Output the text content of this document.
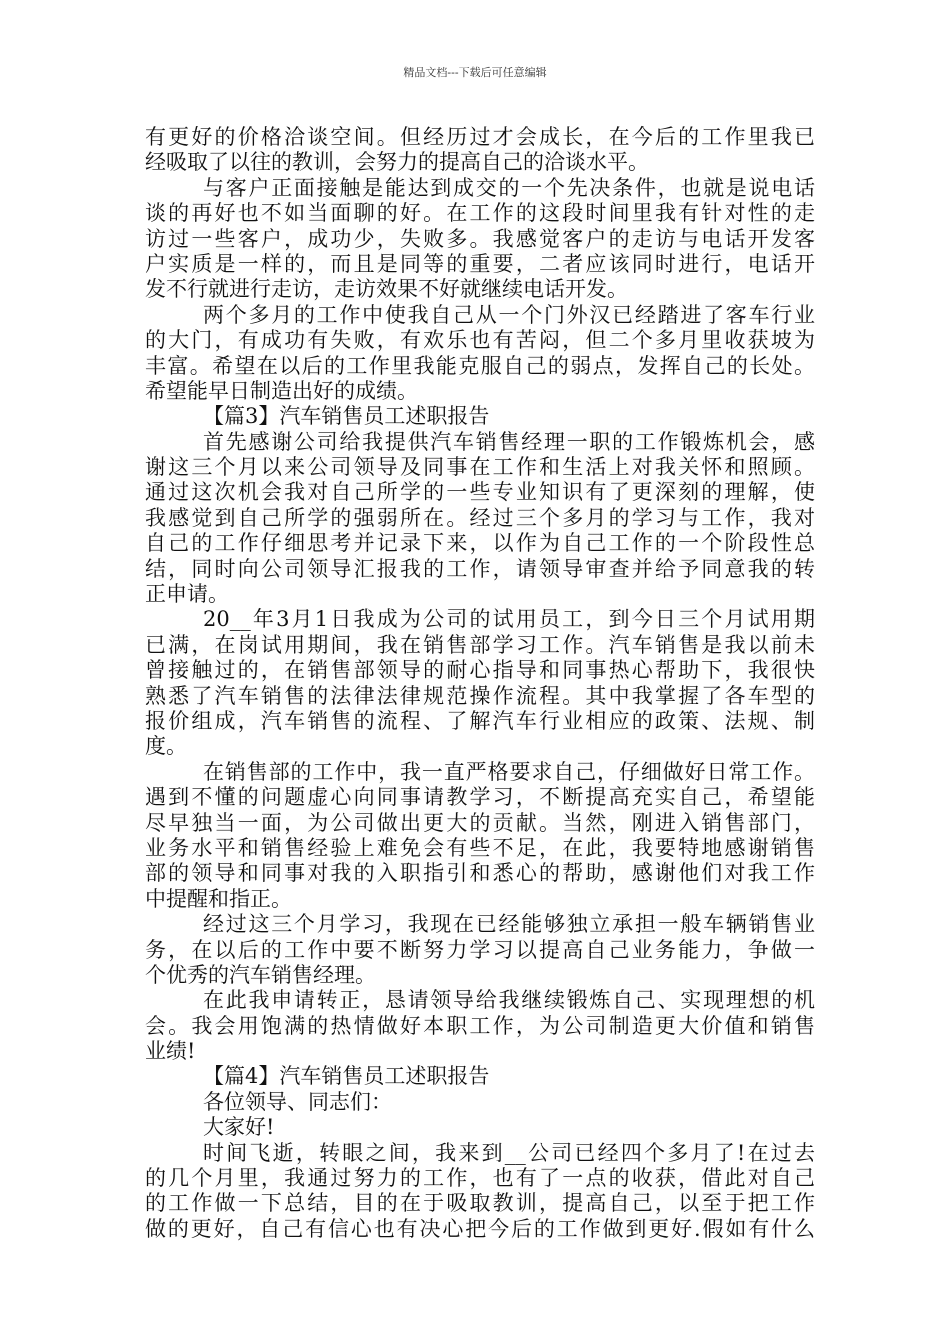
精品文档---下载后可任意编辑
有更好的价格洽谈空间。但经历过才会成长，在今后的工作里我已
经吸取了以往的教训，会努力的提高自己的洽谈水平。
与客户正面接触是能达到成交的一个先决条件，也就是说电话
谈的再好也不如当面聊的好。在工作的这段时间里我有针对性的走
访过一些客户，成功少，失败多。我感觉客户的走访与电话开发客
户实质是一样的，而且是同等的重要，二者应该同时进行，电话开
发不行就进行走访，走访效果不好就继续电话开发。
两个多月的工作中使我自己从一个门外汉已经踏进了客车行业
的大门，有成功有失败，有欢乐也有苦闷，但二个多月里收获坡为
丰富。希望在以后的工作里我能克服自己的弱点，发挥自己的长处。
希望能早日制造出好的成绩。
【篇3】汽车销售员工述职报告
首先感谢公司给我提供汽车销售经理一职的工作锻炼机会，感
谢这三个月以来公司领导及同事在工作和生活上对我关怀和照顾。
通过这次机会我对自己所学的一些专业知识有了更深刻的理解，使
我感觉到自己所学的强弱所在。经过三个多月的学习与工作，我对
自己的工作仔细思考并记录下来，以作为自己工作的一个阶段性总
结，同时向公司领导汇报我的工作，请领导审查并给予同意我的转
正申请。
20__年3月1日我成为公司的试用员工，到今日三个月试用期
已满，在岗试用期间，我在销售部学习工作。汽车销售是我以前未
曾接触过的，在销售部领导的耐心指导和同事热心帮助下，我很快
熟悉了汽车销售的法律法律规范操作流程。其中我掌握了各车型的
报价组成，汽车销售的流程、了解汽车行业相应的政策、法规、制
度。
在销售部的工作中，我一直严格要求自己，仔细做好日常工作。
遇到不懂的问题虚心向同事请教学习，不断提高充实自己，希望能
尽早独当一面，为公司做出更大的贡献。当然，刚进入销售部门，
业务水平和销售经验上难免会有些不足，在此，我要特地感谢销售
部的领导和同事对我的入职指引和悉心的帮助，感谢他们对我工作
中提醒和指正。
经过这三个月学习，我现在已经能够独立承担一般车辆销售业
务，在以后的工作中要不断努力学习以提高自己业务能力，争做一
个优秀的汽车销售经理。
在此我申请转正，恳请领导给我继续锻炼自己、实现理想的机
会。我会用饱满的热情做好本职工作，为公司制造更大价值和销售
业绩!
【篇4】汽车销售员工述职报告
各位领导、同志们：
大家好!
时间飞逝，转眼之间，我来到__公司已经四个多月了!在过去
的几个月里，我通过努力的工作，也有了一点的收获，借此对自己
的工作做一下总结，目的在于吸取教训，提高自己，以至于把工作
做的更好，自己有信心也有决心把今后的工作做到更好.假如有什么
